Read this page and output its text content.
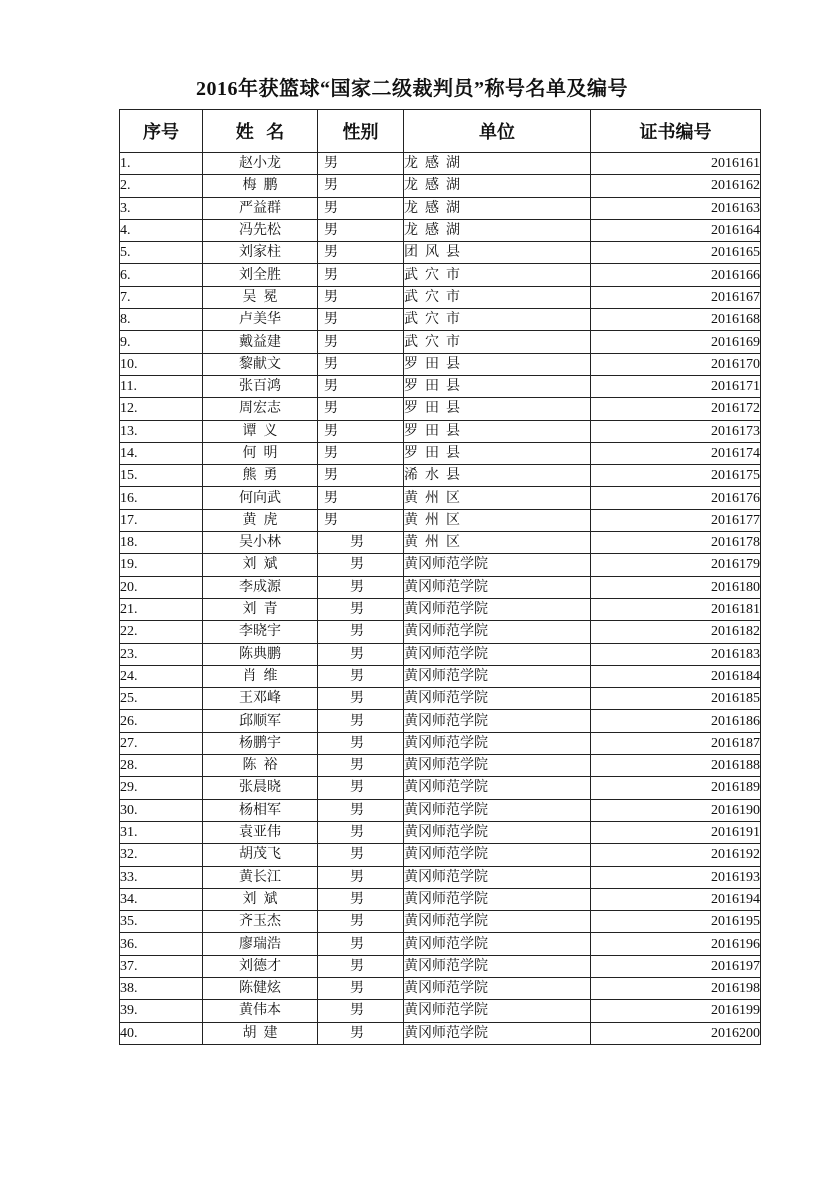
2016年获篮球“国家二级裁判员”称号名单及编号
序号	姓  名	性别	单位	证书编号
1.	赵小龙	男	龙  感  湖	2016161
2.	梅  鹏	男	龙  感  湖	2016162
3.	严益群	男	龙  感  湖	2016163
4.	冯先松	男	龙  感  湖	2016164
5.	刘家柱	男	团  风  县	2016165
6.	刘全胜	男	武  穴  市	2016166
7.	吴  冕	男	武  穴  市	2016167
8.	卢美华	男	武  穴  市	2016168
9.	戴益建	男	武  穴  市	2016169
10.	黎献文	男	罗  田  县	2016170
11.	张百鸿	男	罗  田  县	2016171
12.	周宏志	男	罗  田  县	2016172
13.	谭  义	男	罗  田  县	2016173
14.	何  明	男	罗  田  县	2016174
15.	熊  勇	男	浠  水  县	2016175
16.	何向武	男	黄  州  区	2016176
17.	黄  虎	男	黄  州  区	2016177
18.	吴小林	男	黄  州  区	2016178
19.	刘  斌	男	黄冈师范学院	2016179
20.	李成源	男	黄冈师范学院	2016180
21.	刘  青	男	黄冈师范学院	2016181
22.	李晓宇	男	黄冈师范学院	2016182
23.	陈典鹏	男	黄冈师范学院	2016183
24.	肖  维	男	黄冈师范学院	2016184
25.	王邓峰	男	黄冈师范学院	2016185
26.	邱顺军	男	黄冈师范学院	2016186
27.	杨鹏宇	男	黄冈师范学院	2016187
28.	陈  裕	男	黄冈师范学院	2016188
29.	张晨晓	男	黄冈师范学院	2016189
30.	杨相军	男	黄冈师范学院	2016190
31.	袁亚伟	男	黄冈师范学院	2016191
32.	胡茂飞	男	黄冈师范学院	2016192
33.	黄长江	男	黄冈师范学院	2016193
34.	刘  斌	男	黄冈师范学院	2016194
35.	齐玉杰	男	黄冈师范学院	2016195
36.	廖瑞浩	男	黄冈师范学院	2016196
37.	刘德才	男	黄冈师范学院	2016197
38.	陈健炫	男	黄冈师范学院	2016198
39.	黄伟本	男	黄冈师范学院	2016199
40.	胡  建	男	黄冈师范学院	2016200
